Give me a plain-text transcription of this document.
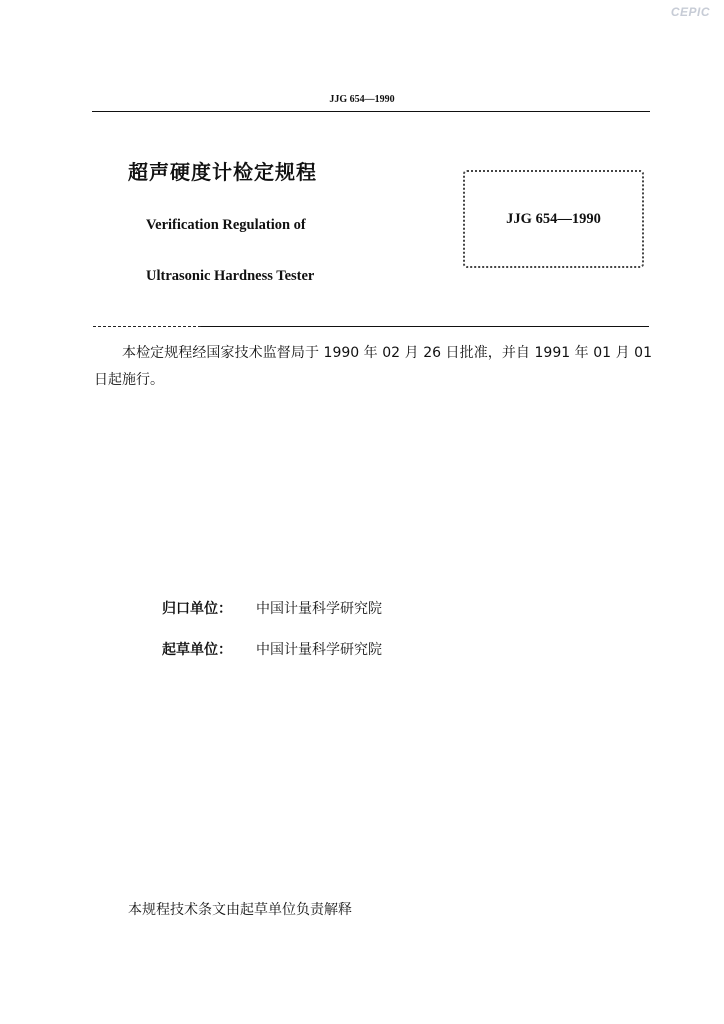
CEPIC
JJG 654—1990
超声硬度计检定规程
Verification Regulation of
Ultrasonic Hardness Tester
JJG 654—1990
本检定规程经国家技术监督局于 1990 年 02 月 26 日批准，并自 1991 年 01 月 01 日起施行。
归口单位：	中国计量科学研究院
起草单位：	中国计量科学研究院
本规程技术条文由起草单位负责解释
